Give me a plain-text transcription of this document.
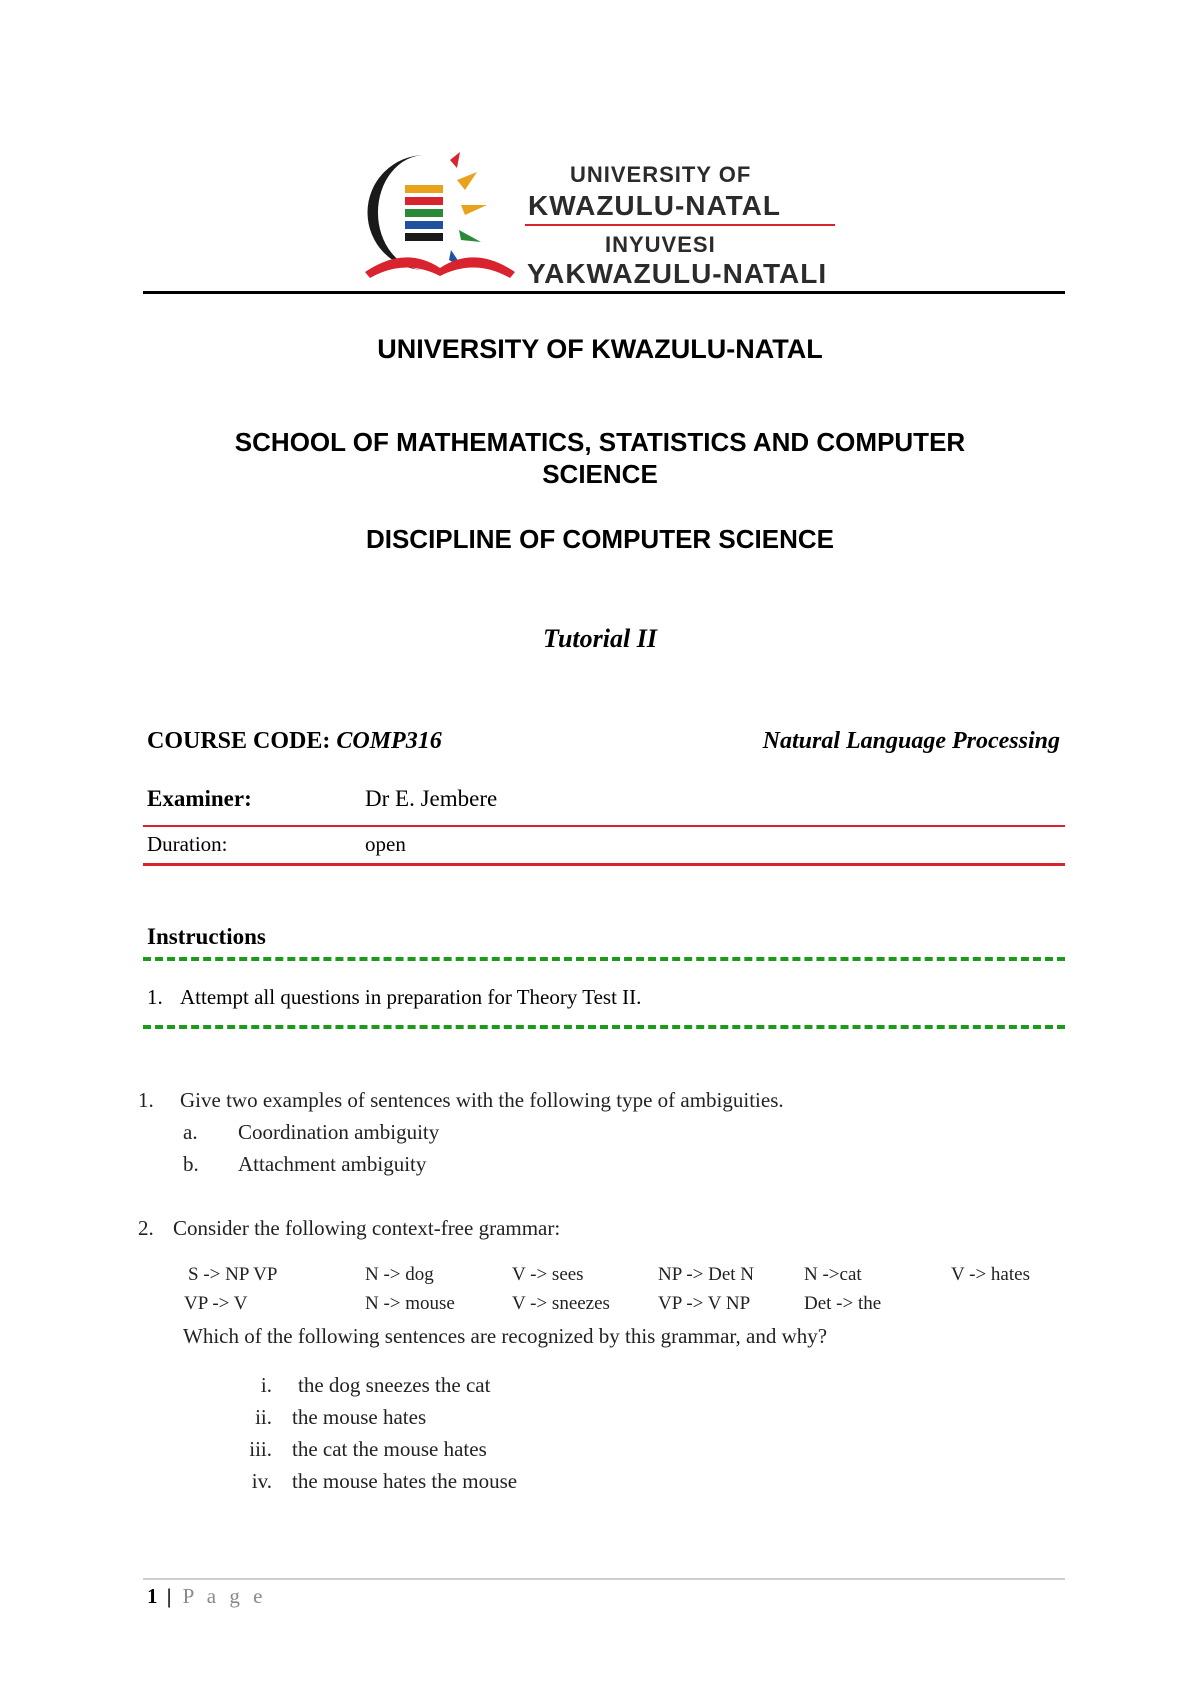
UNIVERSITY OF
KWAZULU-NATAL
INYUVESI
YAKWAZULU-NATALI
UNIVERSITY OF KWAZULU-NATAL
SCHOOL OF MATHEMATICS, STATISTICS AND COMPUTER
SCIENCE
DISCIPLINE OF COMPUTER SCIENCE
Tutorial II
COURSE CODE: COMP316	Natural Language Processing
Examiner:	Dr E. Jembere
Duration:	open
Instructions
1. Attempt all questions in preparation for Theory Test II.
1. Give two examples of sentences with the following type of ambiguities.
a. Coordination ambiguity
b. Attachment ambiguity
2. Consider the following context-free grammar:
S -> NP VP	N -> dog	V -> sees	NP -> Det N	N ->cat	V -> hates
VP -> V	N -> mouse	V -> sneezes	VP -> V NP	Det -> the
Which of the following sentences are recognized by this grammar, and why?
i. the dog sneezes the cat
ii. the mouse hates
iii. the cat the mouse hates
iv. the mouse hates the mouse
1 | P a g e
